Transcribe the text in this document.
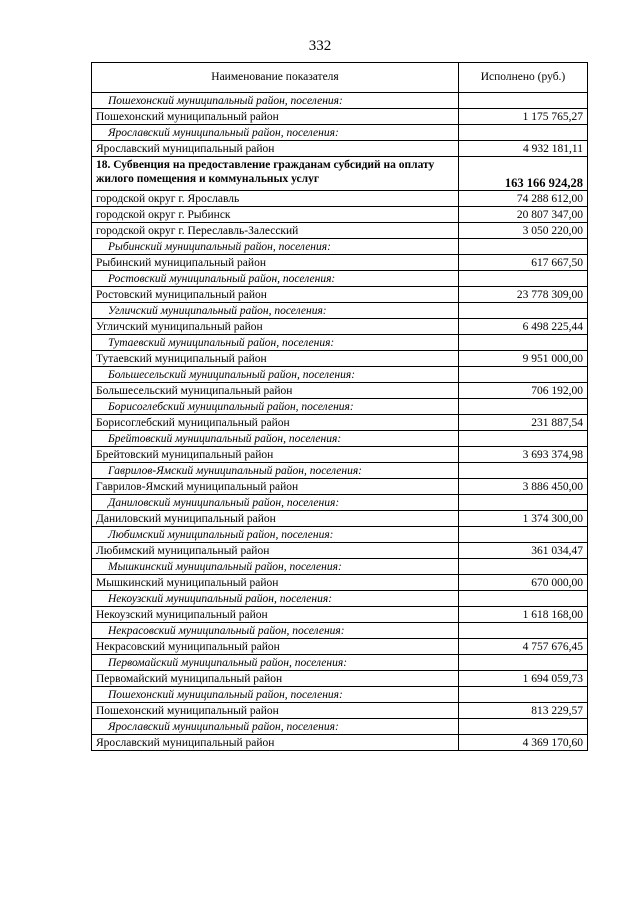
332
Наименование показателя	Исполнено (руб.)
Пошехонский муниципальный район, поселения:	
Пошехонский муниципальный район	1 175 765,27
Ярославский муниципальный район, поселения:	
Ярославский муниципальный район	4 932 181,11
18. Субвенция на предоставление гражданам субсидий на оплату жилого помещения и коммунальных услуг	163 166 924,28
городской округ г. Ярославль	74 288 612,00
городской округ г. Рыбинск	20 807 347,00
городской округ г. Переславль-Залесский	3 050 220,00
Рыбинский муниципальный район, поселения:	
Рыбинский муниципальный район	617 667,50
Ростовский муниципальный район, поселения:	
Ростовский муниципальный район	23 778 309,00
Угличский муниципальный район, поселения:	
Угличский муниципальный район	6 498 225,44
Тутаевский муниципальный район, поселения:	
Тутаевский муниципальный район	9 951 000,00
Большесельский муниципальный район, поселения:	
Большесельский муниципальный район	706 192,00
Борисоглебский муниципальный район, поселения:	
Борисоглебский муниципальный район	231 887,54
Брейтовский муниципальный район, поселения:	
Брейтовский муниципальный район	3 693 374,98
Гаврилов-Ямский муниципальный район, поселения:	
Гаврилов-Ямский муниципальный район	3 886 450,00
Даниловский муниципальный район, поселения:	
Даниловский муниципальный район	1 374 300,00
Любимский муниципальный район, поселения:	
Любимский муниципальный район	361 034,47
Мышкинский муниципальный район, поселения:	
Мышкинский муниципальный район	670 000,00
Некоузский муниципальный район, поселения:	
Некоузский муниципальный район	1 618 168,00
Некрасовский муниципальный район, поселения:	
Некрасовский муниципальный район	4 757 676,45
Первомайский муниципальный район, поселения:	
Первомайский муниципальный район	1 694 059,73
Пошехонский муниципальный район, поселения:	
Пошехонский муниципальный район	813 229,57
Ярославский муниципальный район, поселения:	
Ярославский муниципальный район	4 369 170,60
